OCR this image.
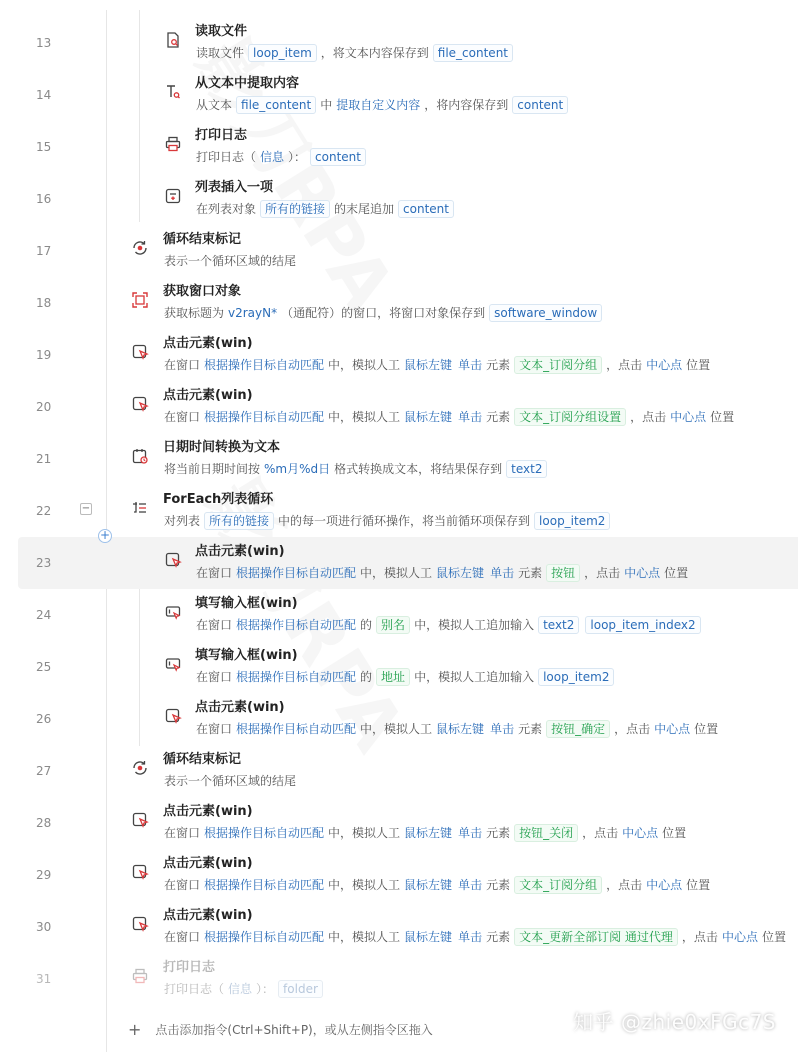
13
读取文件
读取文件 loop_item ，将文本内容保存到 file_content
14
从文本中提取内容
从文本 file_content 中 提取自定义内容 ，将内容保存到 content
15
打印日志
打印日志（ 信息 ）： content
16
列表插入一项
在列表对象 所有的链接 的末尾追加 content
17
循环结束标记
表示一个循环区域的结尾
18
获取窗口对象
获取标题为 v2rayN* （通配符）的窗口，将窗口对象保存到 software_window
19
点击元素(win)
在窗口 根据操作目标自动匹配 中，模拟人工 鼠标左键 单击 元素 文本_订阅分组 ，点击 中心点 位置
20
点击元素(win)
在窗口 根据操作目标自动匹配 中，模拟人工 鼠标左键 单击 元素 文本_订阅分组设置 ，点击 中心点 位置
21
日期时间转换为文本
将当前日期时间按 %m月%d日 格式转换成文本，将结果保存到 text2
22
ForEach列表循环
对列表 所有的链接 中的每一项进行循环操作，将当前循环项保存到 loop_item2
23
点击元素(win)
在窗口 根据操作目标自动匹配 中，模拟人工 鼠标左键 单击 元素 按钮 ，点击 中心点 位置
24
填写输入框(win)
在窗口 根据操作目标自动匹配 的 别名 中，模拟人工追加输入 text2 loop_item_index2
25
填写输入框(win)
在窗口 根据操作目标自动匹配 的 地址 中，模拟人工追加输入 loop_item2
26
点击元素(win)
在窗口 根据操作目标自动匹配 中，模拟人工 鼠标左键 单击 元素 按钮_确定 ，点击 中心点 位置
27
循环结束标记
表示一个循环区域的结尾
28
点击元素(win)
在窗口 根据操作目标自动匹配 中，模拟人工 鼠标左键 单击 元素 按钮_关闭 ，点击 中心点 位置
29
点击元素(win)
在窗口 根据操作目标自动匹配 中，模拟人工 鼠标左键 单击 元素 文本_订阅分组 ，点击 中心点 位置
30
点击元素(win)
在窗口 根据操作目标自动匹配 中，模拟人工 鼠标左键 单击 元素 文本_更新全部订阅 通过代理 ，点击 中心点 位置
31
打印日志
打印日志（ 信息 ）： folder
−
+
+ 点击添加指令(Ctrl+Shift+P)，或从左侧指令区拖入	知乎 @zhie0xFGc7S
